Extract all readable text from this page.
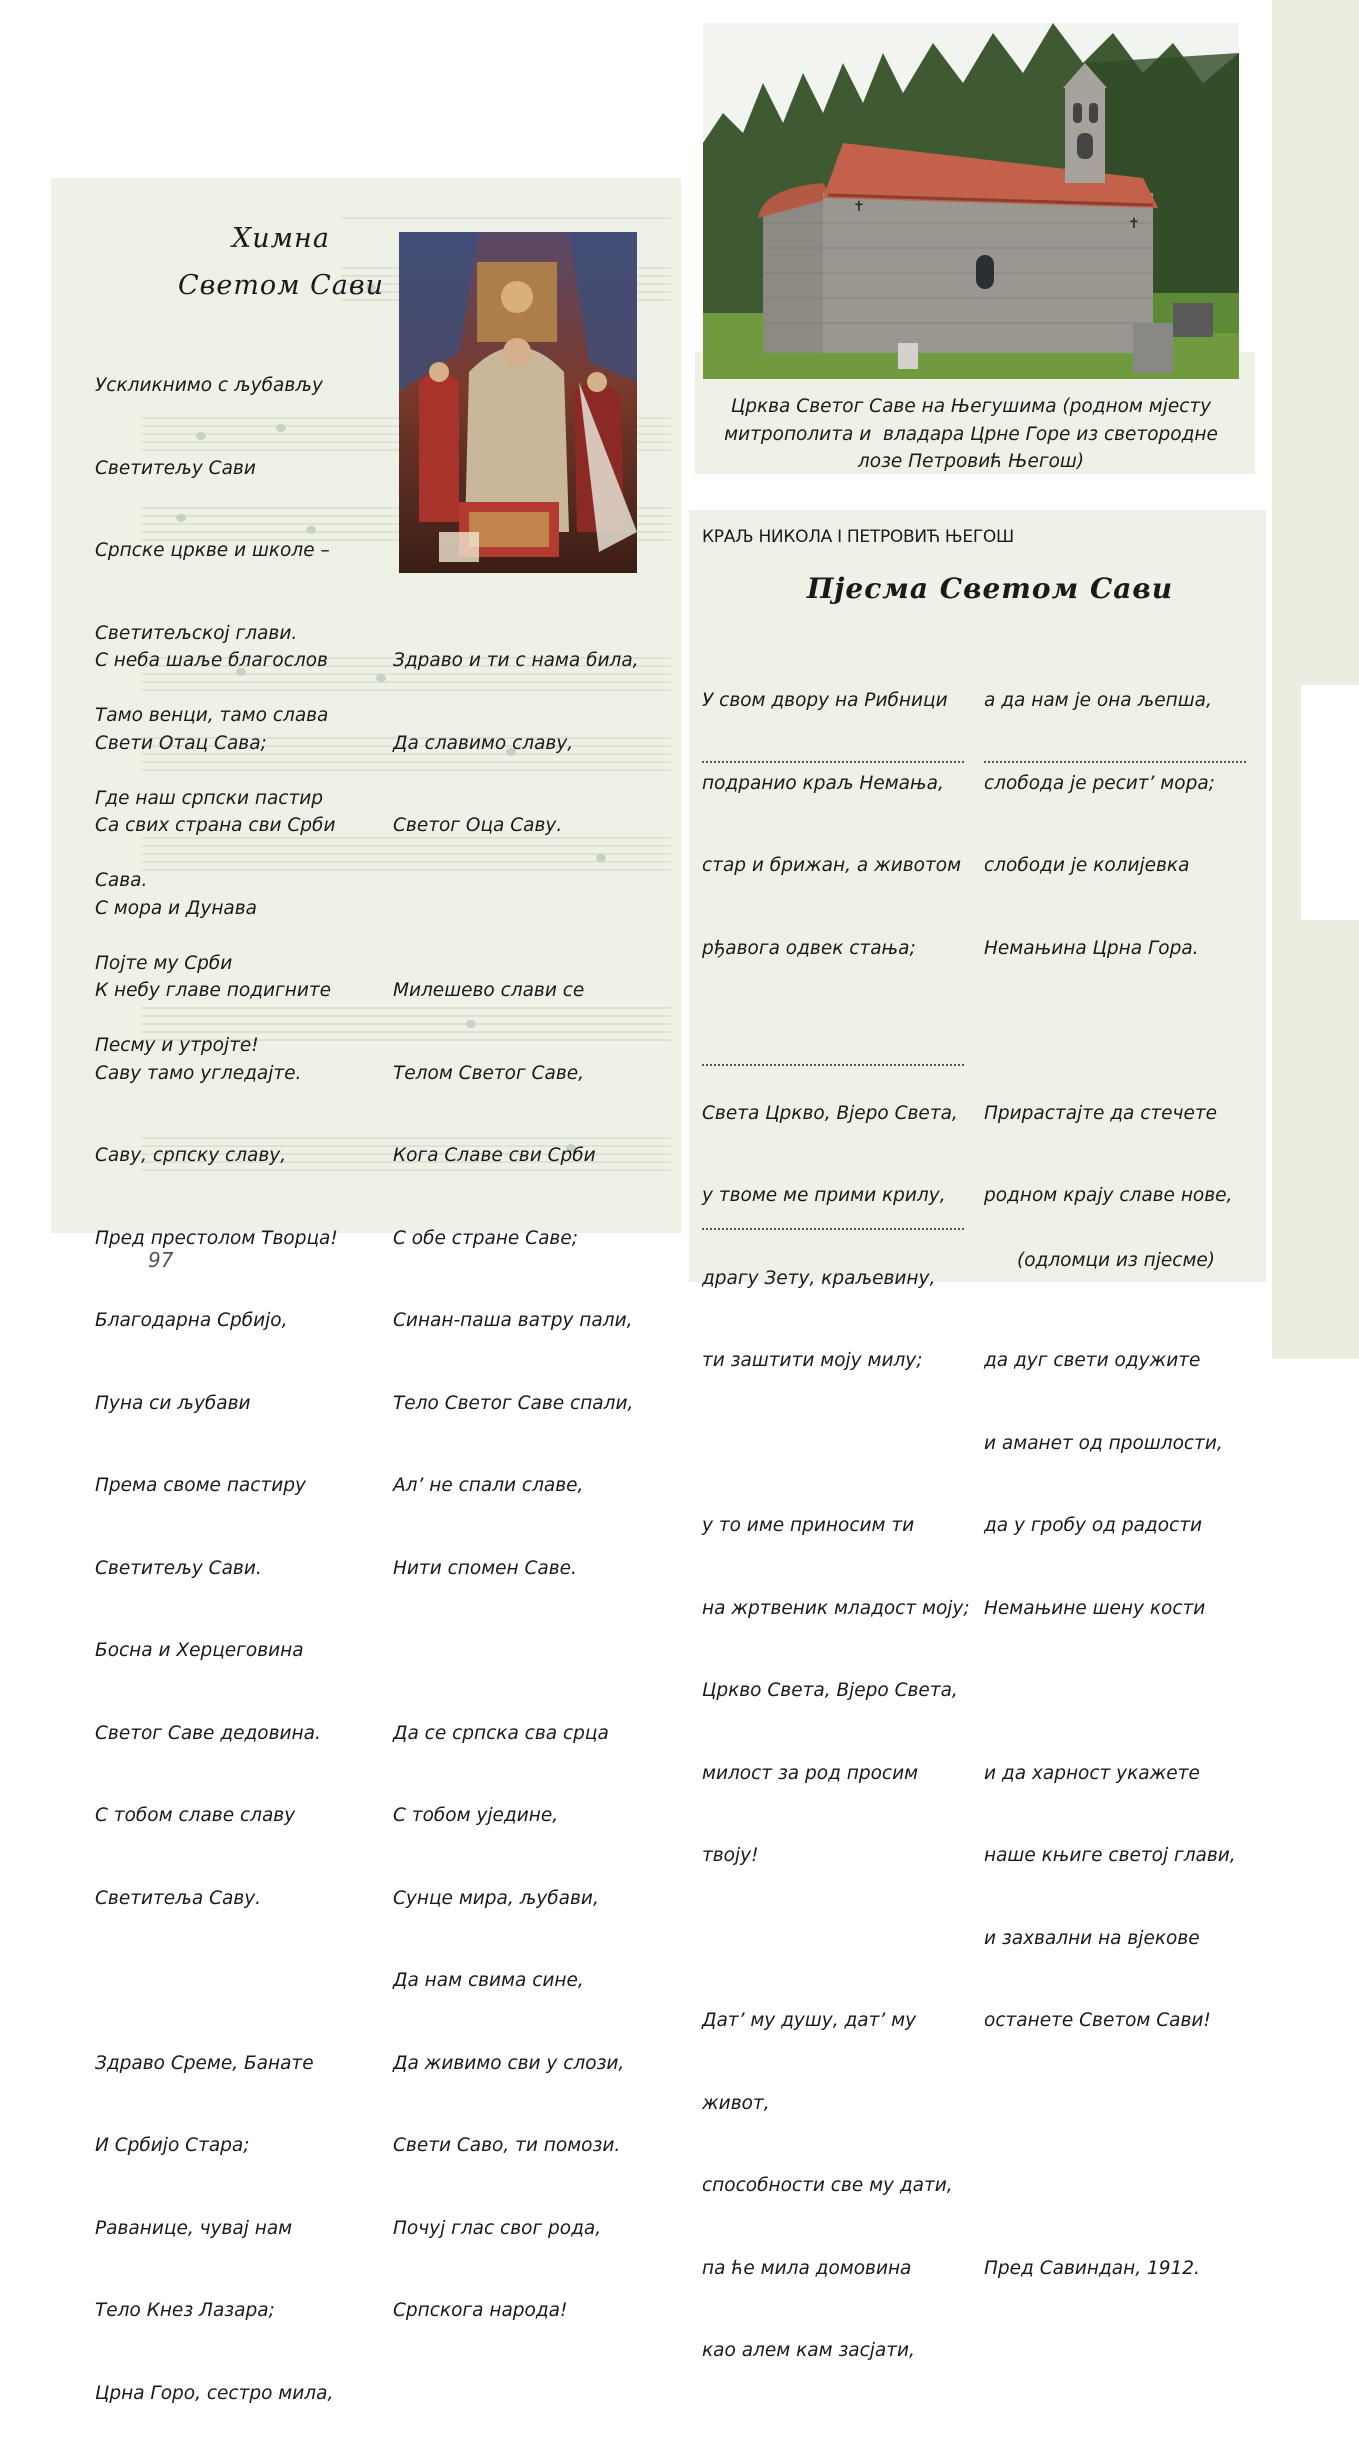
Химна
Светом Сави

Ускликнимо с љубављу

Светитељу Сави

Српске цркве и школе –

Светитељској глави.

Тамо венци, тамо слава

Где наш српски пастир

Сава.

Појте му Срби

Песму и утројте!

С неба шаље благослов

Свети Отац Сава;

Са свих страна сви Срби

С мора и Дунава

К небу главе подигните

Саву тамо угледајте.

Саву, српску славу,

Пред престолом Творца!

Благодарна Србијо,

Пуна си љубави

Према своме пастиру

Светитељу Сави.

Босна и Херцеговина

Светог Саве дедовина.

С тобом славе славу

Светитеља Саву.

Здраво Среме, Банате

И Србијо Стара;

Раванице, чувај нам

Тело Кнез Лазара;

Црна Горо, сестро мила,

Здраво и ти с нама била,

Да славимо славу,

Светог Оца Саву.

Милешево слави се

Телом Светог Саве,

Кога Славе сви Срби

С обе стране Саве;

Синан-паша ватру пали,

Тело Светог Саве спали,

Ал’ не спали славе,

Нити спомен Саве.

Да се српска сва срца

С тобом уједине,

Сунце мира, љубави,

Да нам свима сине,

Да живимо сви у слози,

Свети Саво, ти помози.

Почуј глас свог рода,

Српскога народа!

97
✝
✝
Црква Светог Саве на Његушима (родном мјесту
митрополита и  владара Црне Горе из светородне
лозе Петровић Његош)
КРАЉ НИКОЛА I ПЕТРОВИЋ ЊЕГОШ
Пјесма Светом Сави

У свом двору на Рибници

подранио краљ Немања,

стар и брижан, а животом

рђавога одвек стања;

Света Цркво, Вјеро Света,

у твоме ме прими крилу,

драгу Зету, краљевину,

ти заштити моју милу;

у то име приносим ти

на жртвеник младост моју;

Цркво Света, Вјеро Света,

милост за род просим

твоју!

Дат’ му душу, дат’ му

живот,

способности све му дати,

па ће мила домовина

као алем кам засјати,

а да нам је она љепша,

слобода је ресит’ мора;

слободи је колијевка

Немањина Црна Гора.

Прирастајте да стечете

родном крају славе нове,

да дуг свети одужите

и аманет од прошлости,

да у гробу од радости

Немањине шену кости

и да харност укажете

наше књиге светој глави,

и захвални на вјекове

останете Светом Сави!

Пред Савиндан, 1912.

(одломци из пјесме)
